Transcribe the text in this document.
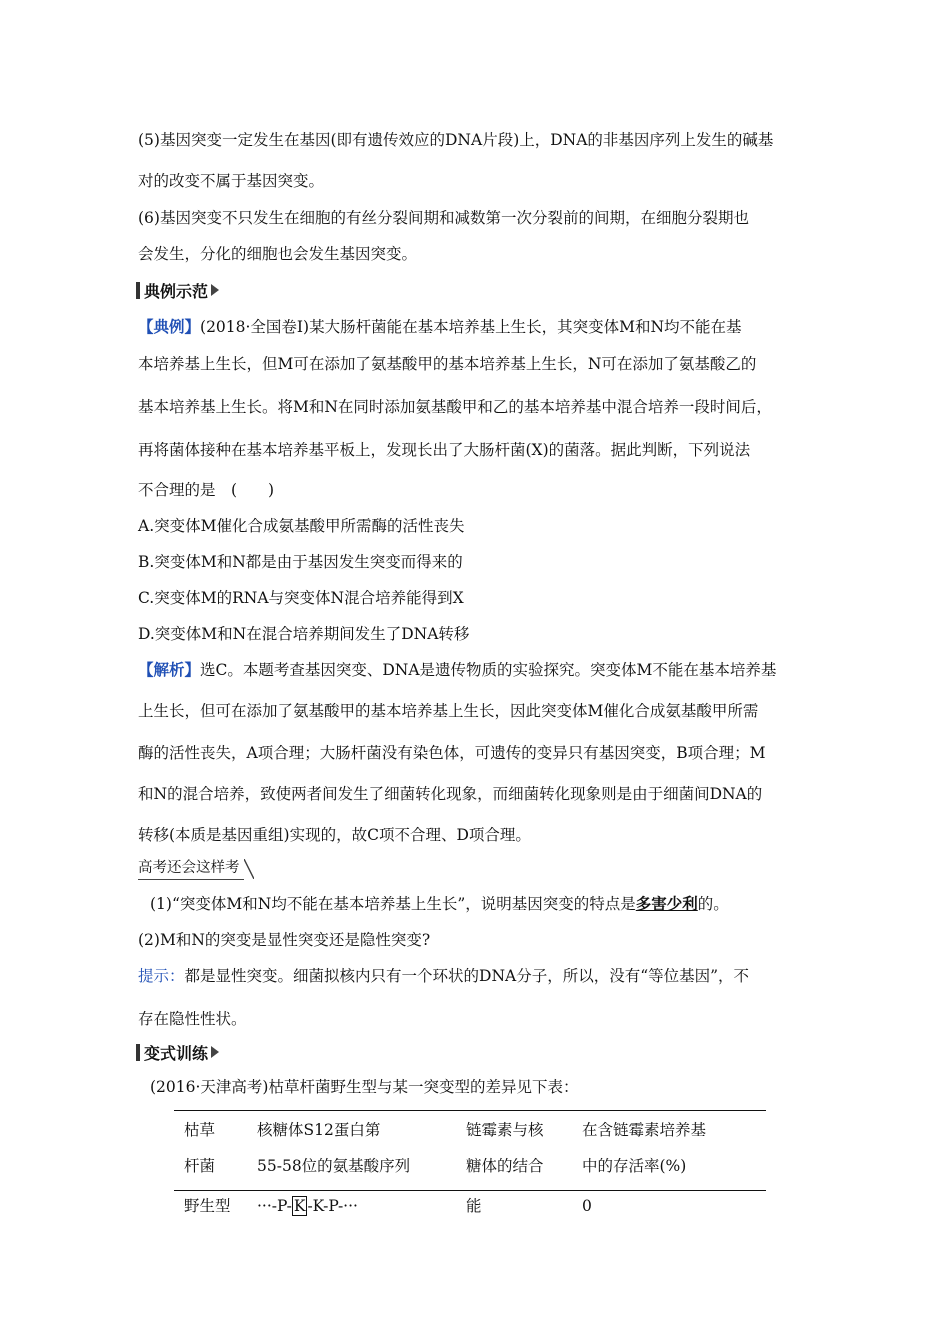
(5)基因突变一定发生在基因(即有遗传效应的DNA片段)上，DNA的非基因序列上发生的碱基
对的改变不属于基因突变。
(6)基因突变不只发生在细胞的有丝分裂间期和减数第一次分裂前的间期，在细胞分裂期也
会发生，分化的细胞也会发生基因突变。
典例示范
【典例】(2018·全国卷Ⅰ)某大肠杆菌能在基本培养基上生长，其突变体M和N均不能在基
本培养基上生长，但M可在添加了氨基酸甲的基本培养基上生长，N可在添加了氨基酸乙的
基本培养基上生长。将M和N在同时添加氨基酸甲和乙的基本培养基中混合培养一段时间后，
再将菌体接种在基本培养基平板上，发现长出了大肠杆菌(X)的菌落。据此判断，下列说法
不合理的是　(　　)
A.突变体M催化合成氨基酸甲所需酶的活性丧失
B.突变体M和N都是由于基因发生突变而得来的
C.突变体M的RNA与突变体N混合培养能得到X
D.突变体M和N在混合培养期间发生了DNA转移
【解析】选C。本题考查基因突变、DNA是遗传物质的实验探究。突变体M不能在基本培养基
上生长，但可在添加了氨基酸甲的基本培养基上生长，因此突变体M催化合成氨基酸甲所需
酶的活性丧失，A项合理；大肠杆菌没有染色体，可遗传的变异只有基因突变，B项合理；M
和N的混合培养，致使两者间发生了细菌转化现象，而细菌转化现象则是由于细菌间DNA的
转移(本质是基因重组)实现的，故C项不合理、D项合理。
高考还会这样考
(1)“突变体M和N均不能在基本培养基上生长”，说明基因突变的特点是多害少利的。
(2)M和N的突变是显性突变还是隐性突变?
提示：都是显性突变。细菌拟核内只有一个环状的DNA分子，所以，没有“等位基因”，不
存在隐性性状。
变式训练
(2016·天津高考)枯草杆菌野生型与某一突变型的差异见下表：
枯草
杆菌
核糖体S12蛋白第
55-58位的氨基酸序列
链霉素与核
糖体的结合
在含链霉素培养基
中的存活率(%)
野生型 ···-P- K -K-P-···	能	0
